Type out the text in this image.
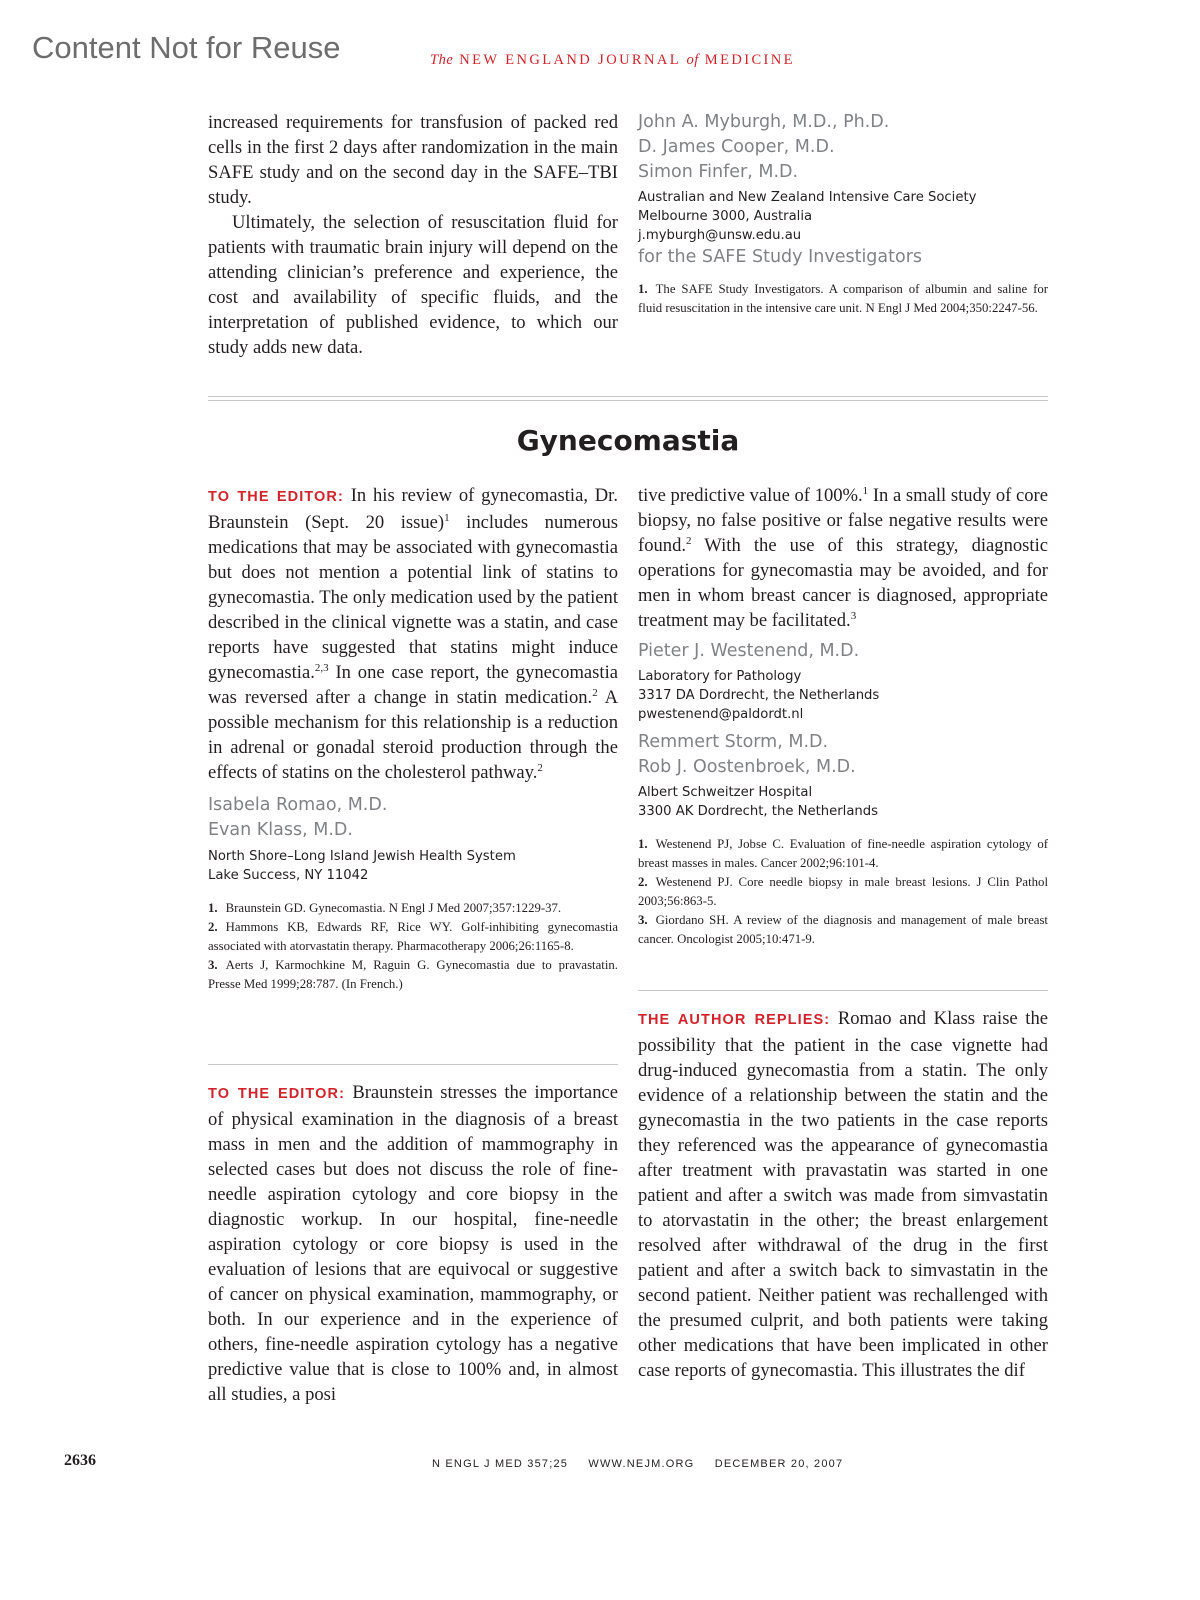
Content Not for Reuse	The NEW ENGLAND JOURNAL of MEDICINE

increased requirements for transfusion of packed red cells in the first 2 days after randomization in the main SAFE study and on the second day in the SAFE–TBI study.

Ultimately, the selection of resuscitation fluid for patients with traumatic brain injury will depend on the attending clinician’s preference and experience, the cost and availability of specific fluids, and the interpretation of published evidence, to which our study adds new data.

John A. Myburgh, M.D., Ph.D.

D. James Cooper, M.D.

Simon Finfer, M.D.

Australian and New Zealand Intensive Care Society

Melbourne 3000, Australia

j.myburgh@unsw.edu.au

for the SAFE Study Investigators

1. The SAFE Study Investigators. A comparison of albumin and saline for fluid resuscitation in the intensive care unit. N Engl J Med 2004;350:2247-56.
Gynecomastia

TO THE EDITOR: In his review of gynecomastia, Dr. Braunstein (Sept. 20 issue)$^1$ includes numerous medications that may be associated with gynecomastia but does not mention a potential link of statins to gynecomastia. The only medication used by the patient described in the clinical vignette was a statin, and case reports have suggested that statins might induce gynecomastia.$^{2,3}$ In one case report, the gynecomastia was reversed after a change in statin medication.$^2$ A possible mechanism for this relationship is a reduction in adrenal or gonadal steroid production through the effects of statins on the cholesterol pathway.$^2$

Isabela Romao, M.D.

Evan Klass, M.D.

North Shore–Long Island Jewish Health System

Lake Success, NY 11042

1. Braunstein GD. Gynecomastia. N Engl J Med 2007;357:1229-37.
2. Hammons KB, Edwards RF, Rice WY. Golf-inhibiting gynecomastia associated with atorvastatin therapy. Pharmacotherapy 2006;26:1165-8.
3. Aerts J, Karmochkine M, Raguin G. Gynecomastia due to pravastatin. Presse Med 1999;28:787. (In French.)

TO THE EDITOR: Braunstein stresses the importance of physical examination in the diagnosis of a breast mass in men and the addition of mammography in selected cases but does not discuss the role of fine-needle aspiration cytology and core biopsy in the diagnostic workup. In our hospital, fine-needle aspiration cytology or core biopsy is used in the evaluation of lesions that are equivocal or suggestive of cancer on physical examination, mammography, or both. In our experience and in the experience of others, fine-needle aspiration cytology has a negative predictive value that is close to 100% and, in almost all studies, a posi

tive predictive value of 100%.$^1$ In a small study of core biopsy, no false positive or false negative results were found.$^2$ With the use of this strategy, diagnostic operations for gynecomastia may be avoided, and for men in whom breast cancer is diagnosed, appropriate treatment may be facilitated.$^3$

Pieter J. Westenend, M.D.

Laboratory for Pathology

3317 DA Dordrecht, the Netherlands

pwestenend@paldordt.nl

Remmert Storm, M.D.

Rob J. Oostenbroek, M.D.

Albert Schweitzer Hospital

3300 AK Dordrecht, the Netherlands

1. Westenend PJ, Jobse C. Evaluation of fine-needle aspiration cytology of breast masses in males. Cancer 2002;96:101-4.
2. Westenend PJ. Core needle biopsy in male breast lesions. J Clin Pathol 2003;56:863-5.
3. Giordano SH. A review of the diagnosis and management of male breast cancer. Oncologist 2005;10:471-9.

THE AUTHOR REPLIES: Romao and Klass raise the possibility that the patient in the case vignette had drug-induced gynecomastia from a statin. The only evidence of a relationship between the statin and the gynecomastia in the two patients in the case reports they referenced was the appearance of gynecomastia after treatment with pravastatin was started in one patient and after a switch was made from simvastatin to atorvastatin in the other; the breast enlargement resolved after withdrawal of the drug in the first patient and after a switch back to simvastatin in the second patient. Neither patient was rechallenged with the presumed culprit, and both patients were taking other medications that have been implicated in other case reports of gynecomastia. This illustrates the dif

2636	N ENGL J MED 357;25 WWW.NEJM.ORG DECEMBER 20, 2007
